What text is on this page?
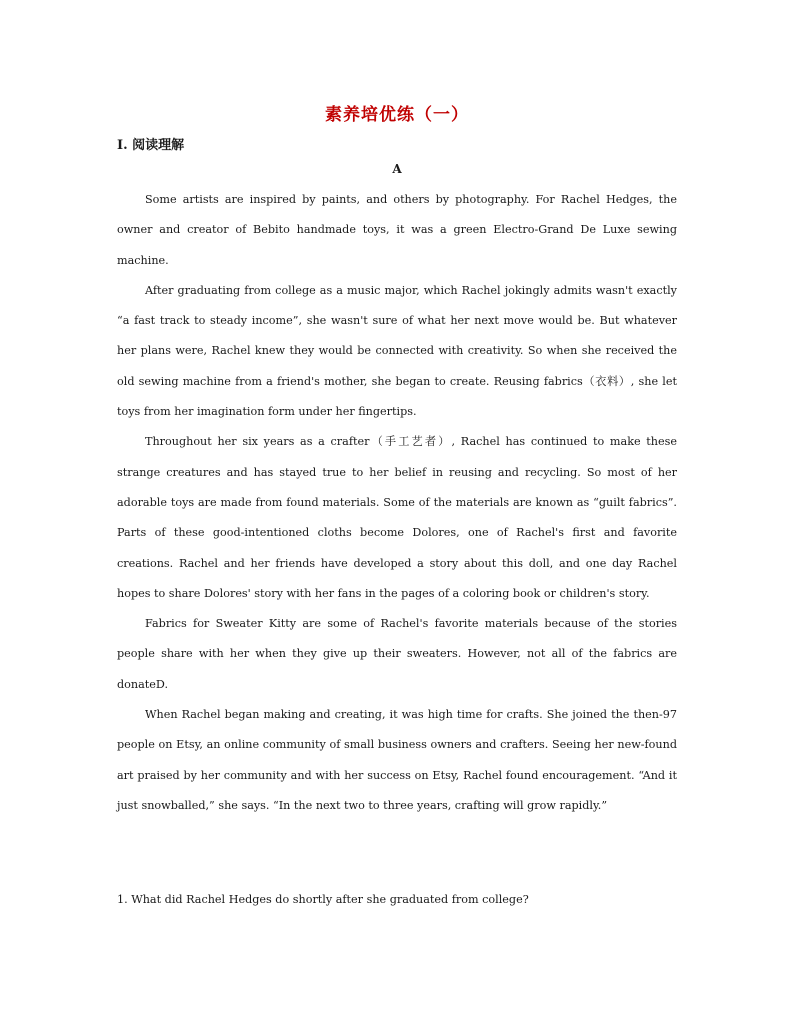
素养培优练（一）
Ⅰ. 阅读理解
A

Some artists are inspired by paints, and others by photography. For Rachel Hedges, the owner and creator of Bebito handmade toys, it was a green Electro-Grand De Luxe sewing machine.

After graduating from college as a music major, which Rachel jokingly admits wasn't exactly “a fast track to steady income”, she wasn't sure of what her next move would be. But whatever her plans were, Rachel knew they would be connected with creativity. So when she received the old sewing machine from a friend's mother, she began to create. Reusing fabrics（衣料）, she let toys from her imagination form under her fingertips.

Throughout her six years as a crafter（手工艺者）, Rachel has continued to make these strange creatures and has stayed true to her belief in reusing and recycling. So most of her adorable toys are made from found materials. Some of the materials are known as “guilt fabrics”. Parts of these good-intentioned cloths become Dolores, one of Rachel's first and favorite creations. Rachel and her friends have developed a story about this doll, and one day Rachel hopes to share Dolores' story with her fans in the pages of a coloring book or children's story.

Fabrics for Sweater Kitty are some of Rachel's favorite materials because of the stories people share with her when they give up their sweaters. However, not all of the fabrics are donateD.

When Rachel began making and creating, it was high time for crafts. She joined the then-97 people on Etsy, an online community of small business owners and crafters. Seeing her new-found art praised by her community and with her success on Etsy, Rachel found encouragement. “And it just snowballed,” she says. “In the next two to three years, crafting will grow rapidly.”

1. What did Rachel Hedges do shortly after she graduated from college?
